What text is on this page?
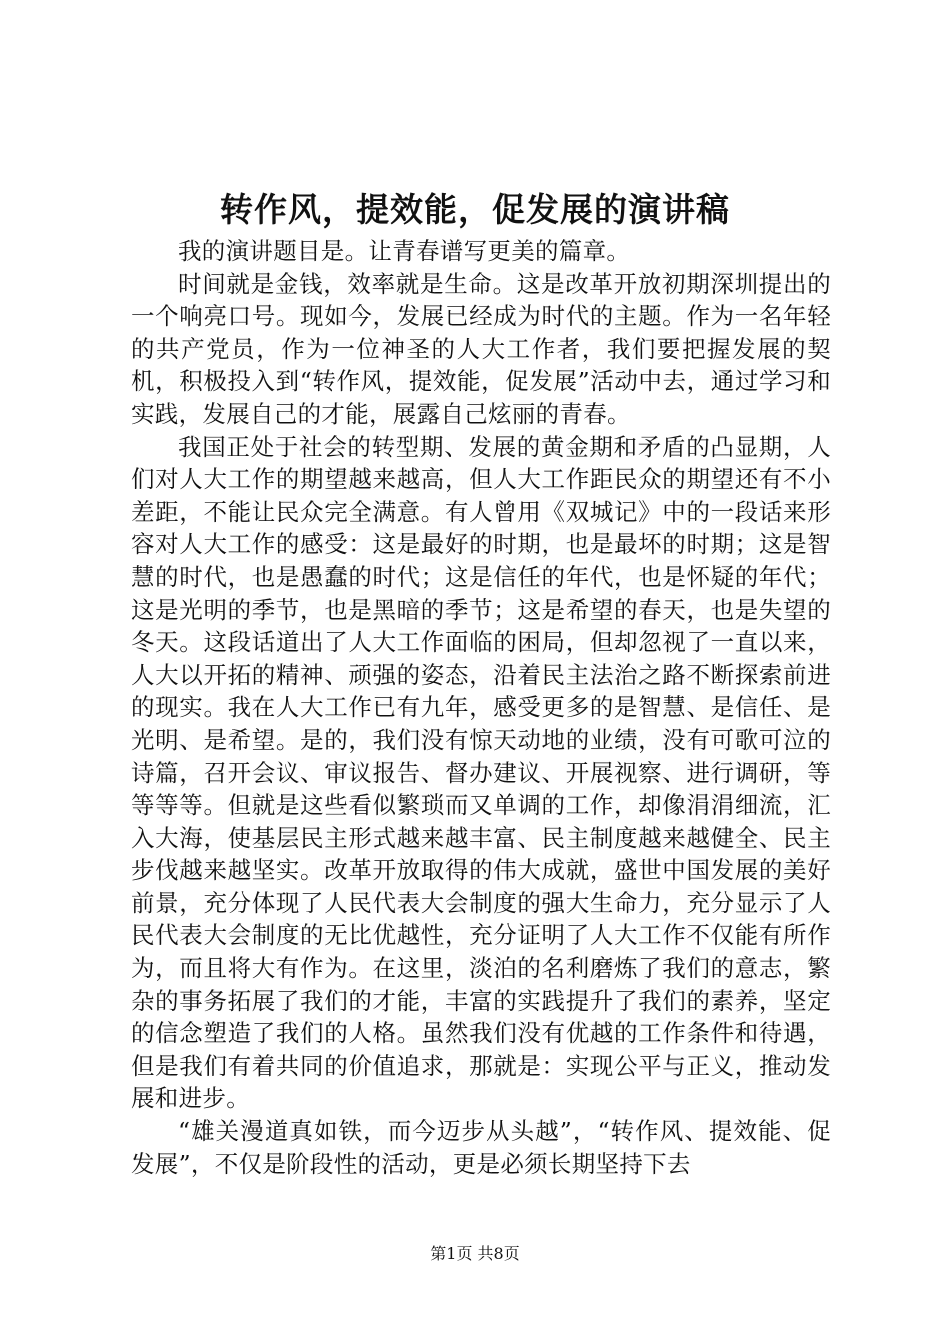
转作风，提效能，促发展的演讲稿

我的演讲题目是。让青春谱写更美的篇章。

时间就是金钱，效率就是生命。这是改革开放初期深圳提出的一个响亮口号。现如今，发展已经成为时代的主题。作为一名年轻的共产党员，作为一位神圣的人大工作者，我们要把握发展的契机，积极投入到“转作风，提效能，促发展”活动中去，通过学习和实践，发展自己的才能，展露自己炫丽的青春。

我国正处于社会的转型期、发展的黄金期和矛盾的凸显期，人们对人大工作的期望越来越高，但人大工作距民众的期望还有不小差距，不能让民众完全满意。有人曾用《双城记》中的一段话来形容对人大工作的感受：这是最好的时期，也是最坏的时期；这是智慧的时代，也是愚蠢的时代；这是信任的年代，也是怀疑的年代；这是光明的季节，也是黑暗的季节；这是希望的春天，也是失望的冬天。这段话道出了人大工作面临的困局，但却忽视了一直以来，人大以开拓的精神、顽强的姿态，沿着民主法治之路不断探索前进的现实。我在人大工作已有九年，感受更多的是智慧、是信任、是光明、是希望。是的，我们没有惊天动地的业绩，没有可歌可泣的诗篇，召开会议、审议报告、督办建议、开展视察、进行调研，等等等等。但就是这些看似繁琐而又单调的工作，却像涓涓细流，汇入大海，使基层民主形式越来越丰富、民主制度越来越健全、民主步伐越来越坚实。改革开放取得的伟大成就，盛世中国发展的美好前景，充分体现了人民代表大会制度的强大生命力，充分显示了人民代表大会制度的无比优越性，充分证明了人大工作不仅能有所作为，而且将大有作为。在这里，淡泊的名利磨炼了我们的意志，繁杂的事务拓展了我们的才能，丰富的实践提升了我们的素养，坚定的信念塑造了我们的人格。虽然我们没有优越的工作条件和待遇，但是我们有着共同的价值追求，那就是：实现公平与正义，推动发展和进步。

“雄关漫道真如铁，而今迈步从头越”，“转作风、提效能、促发展”，不仅是阶段性的活动，更是必须长期坚持下去

第1页 共8页
